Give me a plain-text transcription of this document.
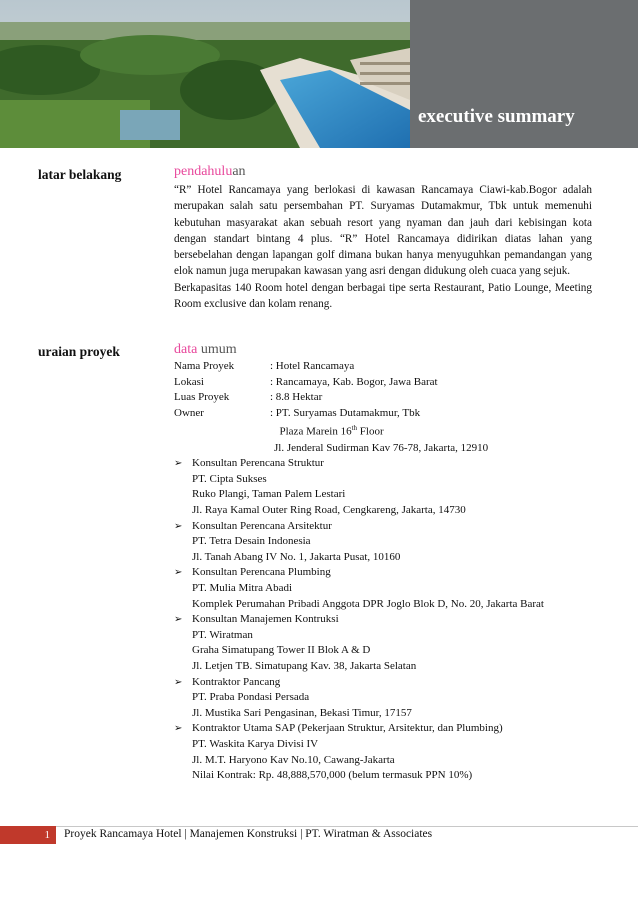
executive summary
latar belakang	pendahuluan

“R” Hotel Rancamaya yang berlokasi di kawasan Rancamaya Ciawi-kab.Bogor adalah merupakan salah satu persembahan PT. Suryamas Dutamakmur, Tbk untuk memenuhi kebutuhan masyarakat akan sebuah resort yang nyaman dan jauh dari kebisingan kota dengan standart bintang 4 plus. “R” Hotel Rancamaya didirikan diatas lahan yang bersebelahan dengan lapangan golf dimana bukan hanya menyuguhkan pemandangan yang elok namun juga merupakan kawasan yang asri dengan didukung oleh cuaca yang sejuk.

Berkapasitas 140 Room hotel dengan berbagai tipe serta Restaurant, Patio Lounge, Meeting Room exclusive dan kolam renang.

uraian proyek	data umum
Nama Proyek	: Hotel Rancamaya
Lokasi	: Rancamaya, Kab. Bogor, Jawa Barat
Luas Proyek	: 8.8 Hektar
Owner	: PT. Suryamas Dutamakmur, Tbk
Plaza Marein 16th Floor
Jl. Jenderal Sudirman Kav 76-78, Jakarta, 12910
➢ Konsultan Perencana Struktur
PT. Cipta Sukses
Ruko Plangi, Taman Palem Lestari
Jl. Raya Kamal Outer Ring Road, Cengkareng, Jakarta, 14730
➢ Konsultan Perencana Arsitektur
PT. Tetra Desain Indonesia
Jl. Tanah Abang IV No. 1, Jakarta Pusat, 10160
➢ Konsultan Perencana Plumbing
PT. Mulia Mitra Abadi
Komplek Perumahan Pribadi Anggota DPR Joglo Blok D, No. 20, Jakarta Barat
➢ Konsultan Manajemen Kontruksi
PT. Wiratman
Graha Simatupang Tower II Blok A & D
Jl. Letjen TB. Simatupang Kav. 38, Jakarta Selatan
➢ Kontraktor Pancang
PT. Praba Pondasi Persada
Jl. Mustika Sari Pengasinan, Bekasi Timur, 17157
➢ Kontraktor Utama SAP (Pekerjaan Struktur, Arsitektur, dan Plumbing)
PT. Waskita Karya Divisi IV
Jl. M.T. Haryono Kav No.10, Cawang-Jakarta
Nilai Kontrak: Rp. 48,888,570,000 (belum termasuk PPN 10%)
1	Proyek Rancamaya Hotel | Manajemen Konstruksi | PT. Wiratman & Associates
